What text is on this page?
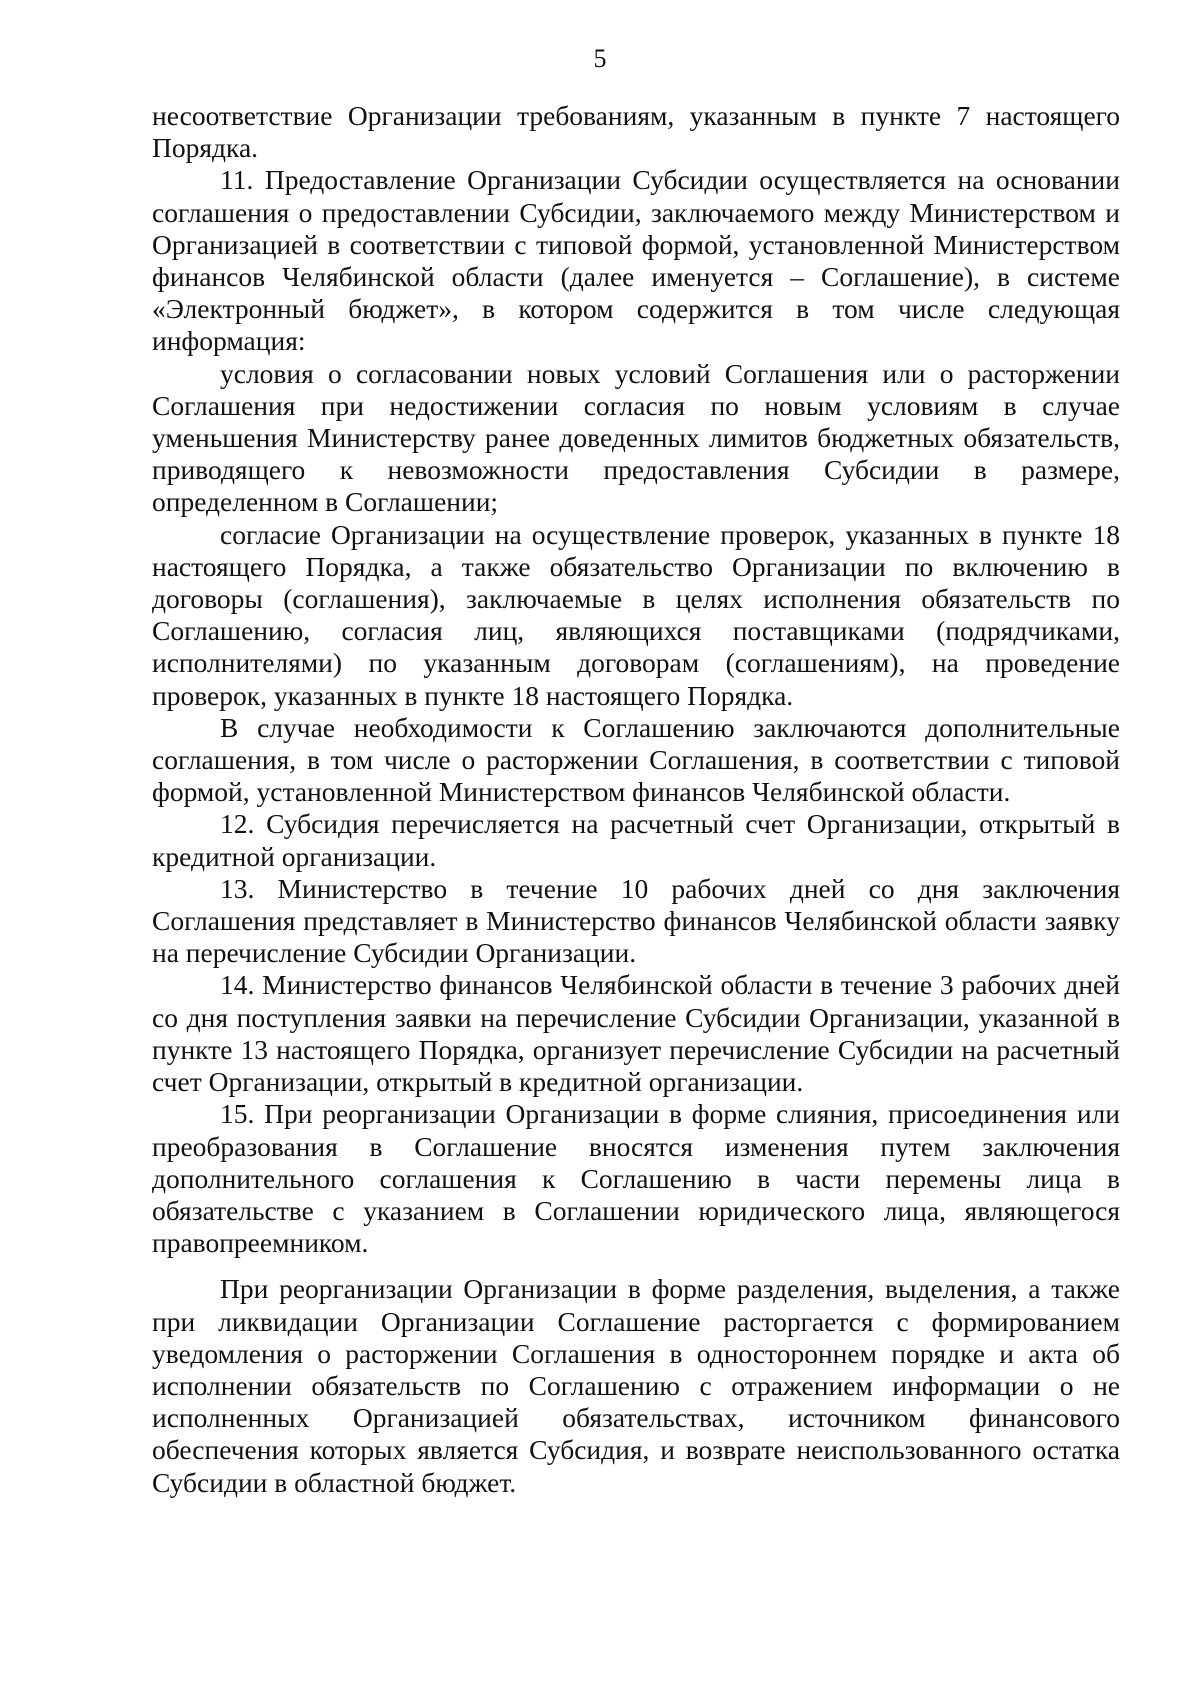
5

несоответствие Организации требованиям, указанным в пункте 7 настоящего Порядка.

11. Предоставление Организации Субсидии осуществляется на основании соглашения о предоставлении Субсидии, заключаемого между Министерством и Организацией в соответствии с типовой формой, установленной Министерством финансов Челябинской области (далее именуется – Соглашение), в системе «Электронный бюджет», в котором содержится в том числе следующая информация:

условия о согласовании новых условий Соглашения или о расторжении Соглашения при недостижении согласия по новым условиям в случае уменьшения Министерству ранее доведенных лимитов бюджетных обязательств, приводящего к невозможности предоставления Субсидии в размере, определенном в Соглашении;

согласие Организации на осуществление проверок, указанных в пункте 18 настоящего Порядка, а также обязательство Организации по включению в договоры (соглашения), заключаемые в целях исполнения обязательств по Соглашению, согласия лиц, являющихся поставщиками (подрядчиками, исполнителями) по указанным договорам (соглашениям), на проведение проверок, указанных в пункте 18 настоящего Порядка.

В случае необходимости к Соглашению заключаются дополнительные соглашения, в том числе о расторжении Соглашения, в соответствии с типовой формой, установленной Министерством финансов Челябинской области.

12. Субсидия перечисляется на расчетный счет Организации, открытый в кредитной организации.

13. Министерство в течение 10 рабочих дней со дня заключения Соглашения представляет в Министерство финансов Челябинской области заявку на перечисление Субсидии Организации.

14. Министерство финансов Челябинской области в течение 3 рабочих дней со дня поступления заявки на перечисление Субсидии Организации, указанной в пункте 13 настоящего Порядка, организует перечисление Субсидии на расчетный счет Организации, открытый в кредитной организации.

15. При реорганизации Организации в форме слияния, присоединения или преобразования в Соглашение вносятся изменения путем заключения дополнительного соглашения к Соглашению в части перемены лица в обязательстве с указанием в Соглашении юридического лица, являющегося правопреемником.

При реорганизации Организации в форме разделения, выделения, а также при ликвидации Организации Соглашение расторгается с формированием уведомления о расторжении Соглашения в одностороннем порядке и акта об исполнении обязательств по Соглашению с отражением информации о не исполненных Организацией обязательствах, источником финансового обеспечения которых является Субсидия, и возврате неиспользованного остатка Субсидии в областной бюджет.
